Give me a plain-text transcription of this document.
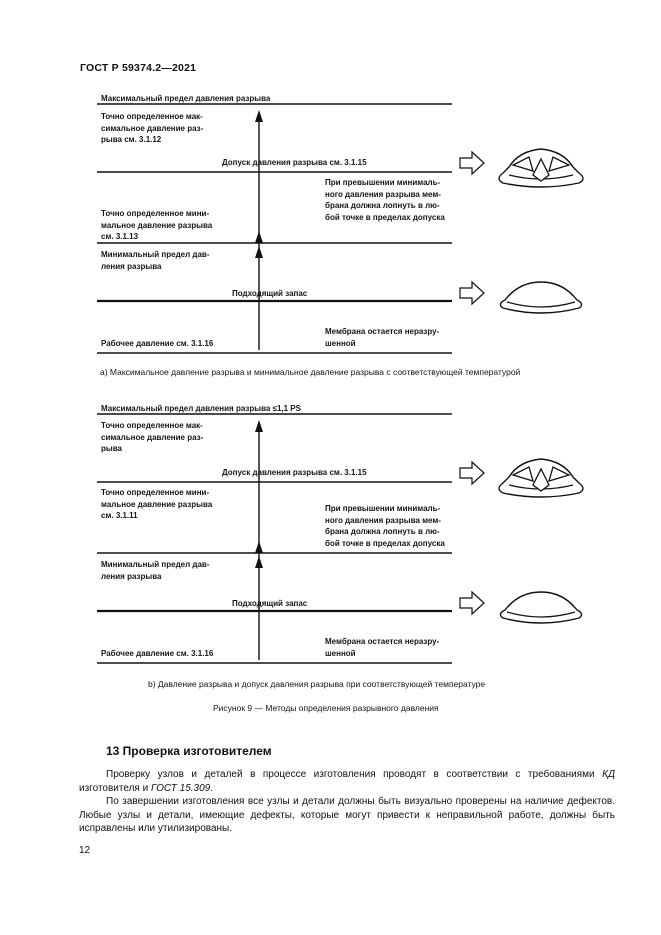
ГОСТ Р 59374.2—2021
Максимальный предел давления разрыва
Точно определенное мак-
симальное давление раз-
рыва см. 3.1.12
Допуск давления разрыва см. 3.1.15
При превышении минималь-
ного давления разрыва мем-
брана должна лопнуть в лю-
бой точке в пределах допуска
Точно определенное мини-
мальное давление разрыва
см. 3.1.13
Минимальный предел дав-
ления разрыва
Подходящий запас
Мембрана остается неразру-
шенной
Рабочее давление см. 3.1.16
а) Максимальное давление разрыва и минимальное давление разрыва с соответствующей температурой
Максимальный предел давления разрыва ≤1,1 PS
Точно определенное мак-
симальное давление раз-
рыва
Допуск давления разрыва см. 3.1.15
Точно определенное мини-
мальное давление разрыва
см. 3.1.11
При превышении минималь-
ного давления разрыва мем-
брана должна лопнуть в лю-
бой точке в пределах допуска
Минимальный предел дав-
ления разрыва
Подходящий запас
Мембрана остается неразру-
шенной
Рабочее давление см. 3.1.16
b) Давление разрыва и допуск давления разрыва при соответствующей температуре
Рисунок 9 — Методы определения разрывного давления
13 Проверка изготовителем
Проверку узлов и деталей в процессе изготовления проводят в соответствии с требованиями КД изготовителя и ГОСТ 15.309.
По завершении изготовления все узлы и детали должны быть визуально проверены на наличие дефектов. Любые узлы и детали, имеющие дефекты, которые могут привести к неправильной работе, должны быть исправлены или утилизированы.
12
